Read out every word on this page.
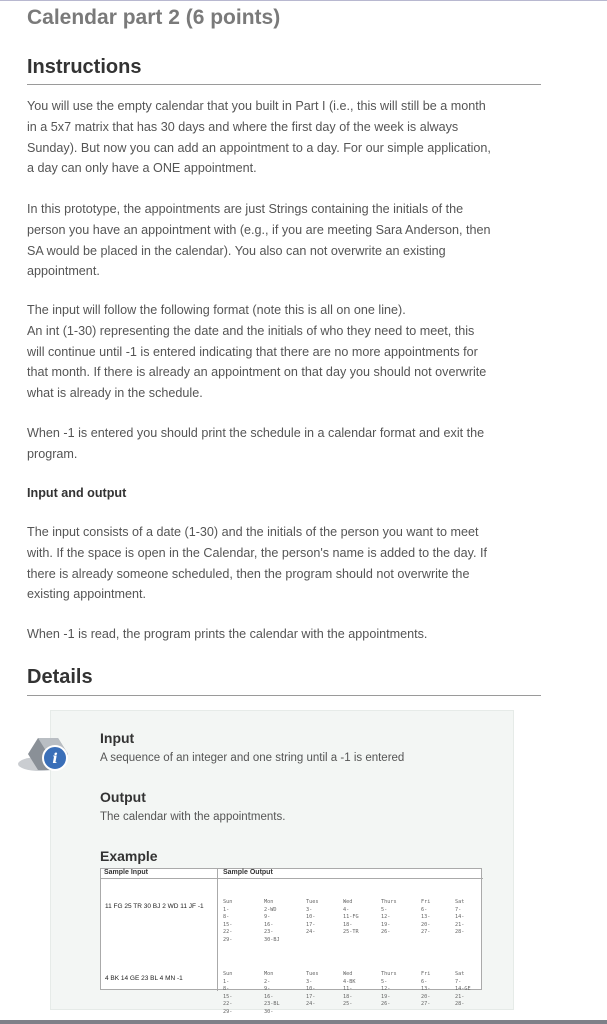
Calendar part 2 (6 points)
Instructions
You will use the empty calendar that you built in Part I (i.e., this will still be a month
in a 5x7 matrix that has 30 days and where the first day of the week is always
Sunday). But now you can add an appointment to a day. For our simple application,
a day can only have a ONE appointment.
In this prototype, the appointments are just Strings containing the initials of the
person you have an appointment with (e.g., if you are meeting Sara Anderson, then
SA would be placed in the calendar). You also can not overwrite an existing
appointment.
The input will follow the following format (note this is all on one line).
An int (1-30) representing the date and the initials of who they need to meet, this
will continue until -1 is entered indicating that there are no more appointments for
that month. If there is already an appointment on that day you should not overwrite
what is already in the schedule.
When -1 is entered you should print the schedule in a calendar format and exit the
program.
Input and output
The input consists of a date (1-30) and the initials of the person you want to meet
with. If the space is open in the Calendar, the person's name is added to the day. If
there is already someone scheduled, then the program should not overwrite the
existing appointment.
When -1 is read, the program prints the calendar with the appointments.
Details
i
Input
A sequence of an integer and one string until a -1 is entered
Output
The calendar with the appointments.
Example
Sample Input	Sample Output
11 FG 25 TR 30 BJ 2 WD 11 JF -1
Sun	Mon	Tues	Wed	Thurs	Fri	Sat
1-	2-WD	3-	4-	5-	6-	7-
8-	9-	10-	11-FG	12-	13-	14-
15-	16-	17-	18-	19-	20-	21-
22-	23-	24-	25-TR	26-	27-	28-
29-	30-BJ
4 BK 14 GE 23 BL 4 MN -1
Sun	Mon	Tues	Wed	Thurs	Fri	Sat
1-	2-	3-	4-BK	5-	6-	7-
8-	9-	10-	11-	12-	13-	14-GE
15-	16-	17-	18-	19-	20-	21-
22-	23-BL	24-	25-	26-	27-	28-
29-	30-
